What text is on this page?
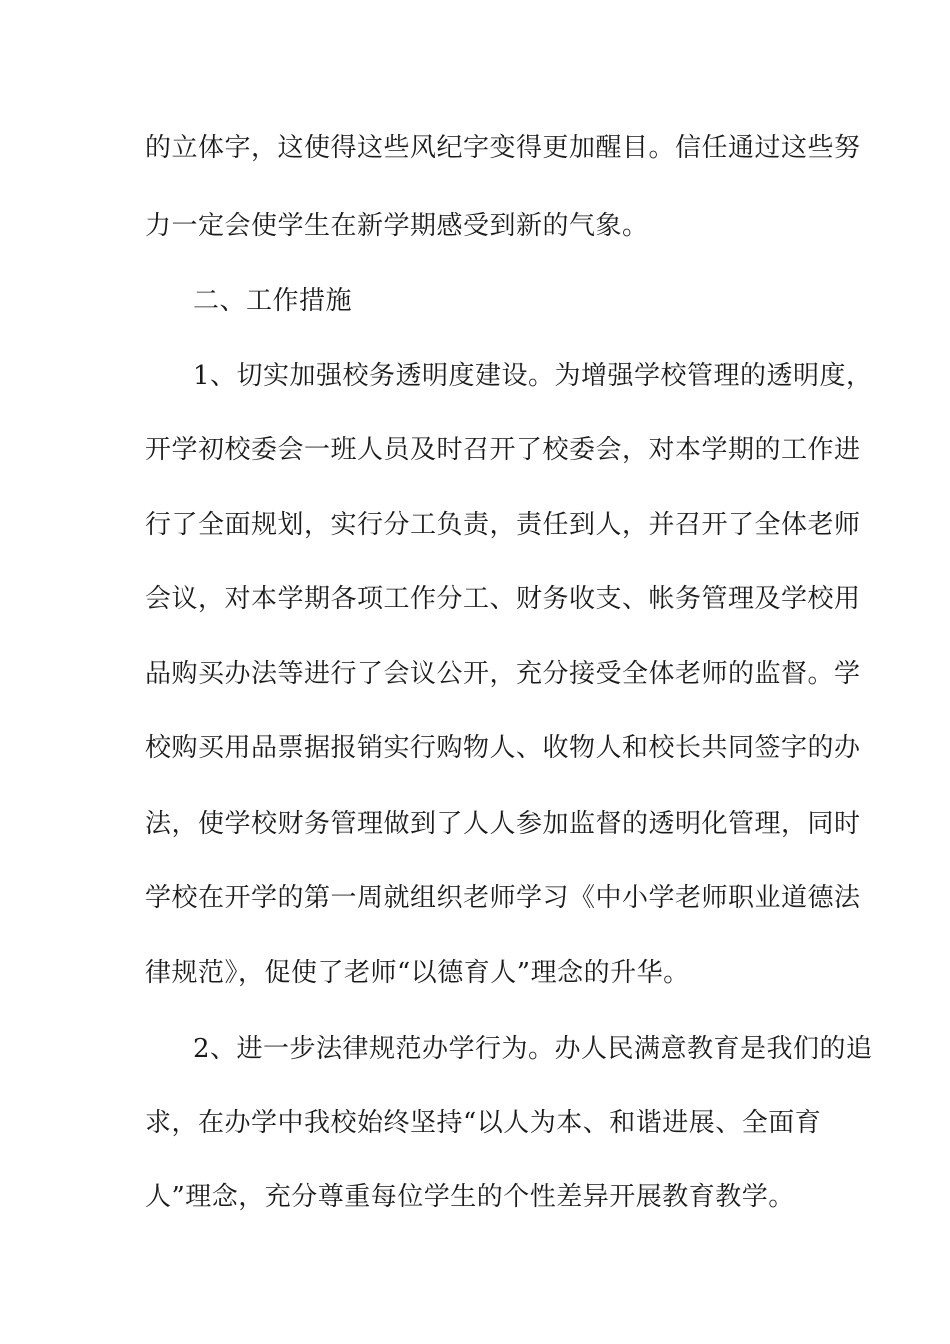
的立体字，这使得这些风纪字变得更加醒目。信任通过这些努
力一定会使学生在新学期感受到新的气象。
二、工作措施
1、切实加强校务透明度建设。为增强学校管理的透明度，
开学初校委会一班人员及时召开了校委会，对本学期的工作进
行了全面规划，实行分工负责，责任到人，并召开了全体老师
会议，对本学期各项工作分工、财务收支、帐务管理及学校用
品购买办法等进行了会议公开，充分接受全体老师的监督。学
校购买用品票据报销实行购物人、收物人和校长共同签字的办
法，使学校财务管理做到了人人参加监督的透明化管理，同时
学校在开学的第一周就组织老师学习《中小学老师职业道德法
律规范》，促使了老师“以德育人”理念的升华。
2、进一步法律规范办学行为。办人民满意教育是我们的追
求，在办学中我校始终坚持“以人为本、和谐进展、全面育
人”理念，充分尊重每位学生的个性差异开展教育教学。
